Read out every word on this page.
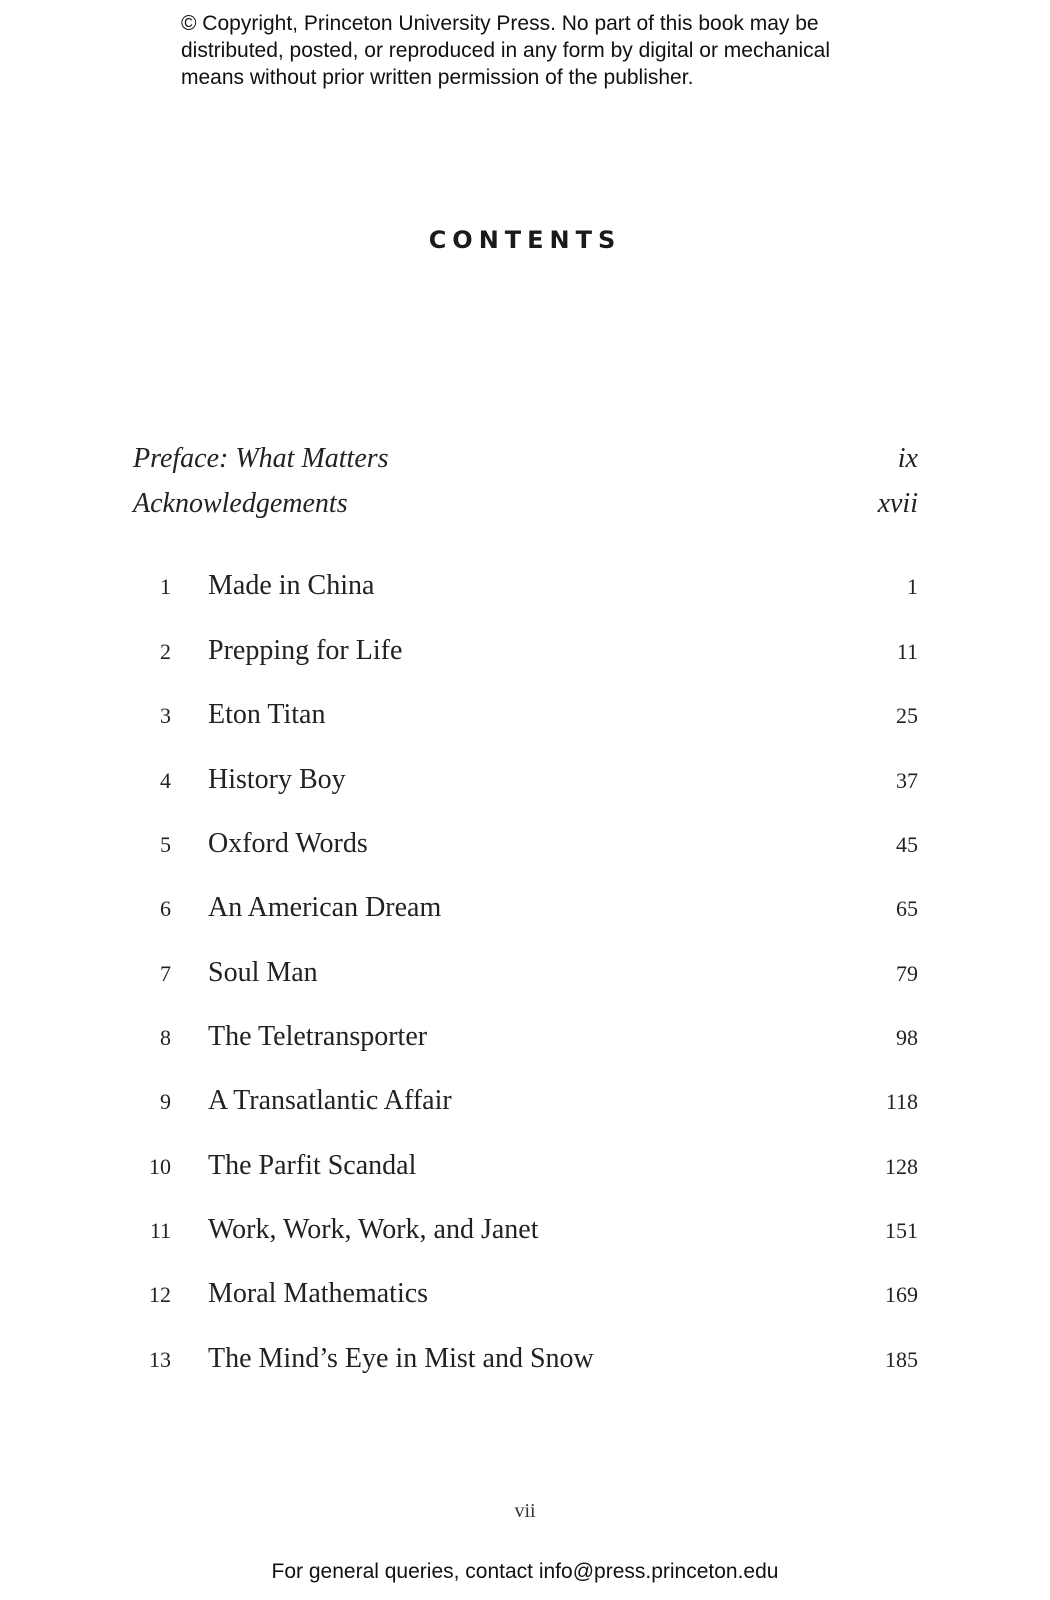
© Copyright, Princeton University Press. No part of this book may be
distributed, posted, or reproduced in any form by digital or mechanical
means without prior written permission of the publisher.
CONTENTS
Preface: What Matters	ix
Acknowledgements	xvii
1 Made in China	1
2 Prepping for Life	11
3 Eton Titan	25
4 History Boy	37
5 Oxford Words	45
6 An American Dream	65
7 Soul Man	79
8 The Teletransporter	98
9 A Transatlantic Affair	118
10 The Parfit Scandal	128
11 Work, Work, Work, and Janet	151
12 Moral Mathematics	169
13 The Mind’s Eye in Mist and Snow	185
vii
For general queries, contact info@press.princeton.edu
